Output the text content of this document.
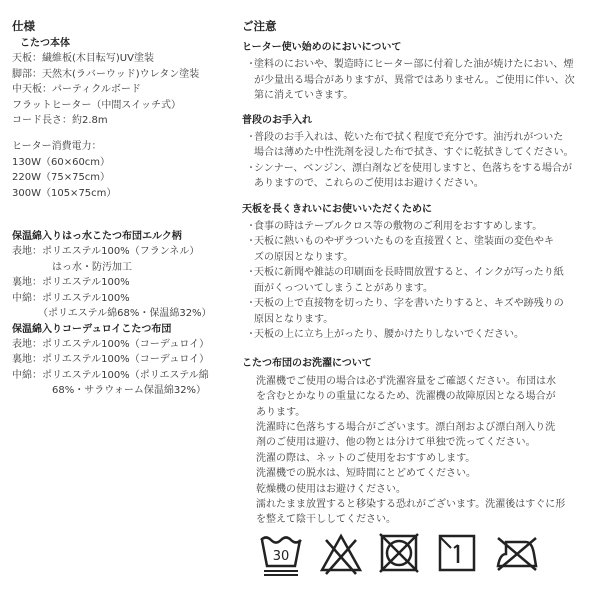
仕様

こたつ本体

天板：繊維板(木目転写)UV塗装

脚部：天然木(ラバーウッド)ウレタン塗装

中天板：パーティクルボード

フラットヒーター（中間スイッチ式）

コード長さ：約2.8m

ヒーター消費電力：

130W（60×60cm）

220W（75×75cm）

300W（105×75cm）

保温綿入りはっ水こたつ布団エルク柄

表地：ポリエステル100%（フランネル）

はっ水・防汚加工

裏地：ポリエステル100%

中綿：ポリエステル100%

（ポリエステル綿68%・保温綿32%）

保温綿入りコーデュロイこたつ布団

表地：ポリエステル100%（コーデュロイ）

裏地：ポリエステル100%（コーデュロイ）

中綿：ポリエステル100%（ポリエステル綿

68%・サラウォーム保温綿32%）

ご注意

ヒーター使い始めのにおいについて

・ 塗料のにおいや、製造時にヒーター部に付着した油が焼けたにおい、煙
が少量出る場合がありますが、異常ではありません。ご使用に伴い、次
第に消えていきます。

普段のお手入れ

・ 普段のお手入れは、乾いた布で拭く程度で充分です。油汚れがついた
場合は薄めた中性洗剤を浸した布で拭き、すぐに乾拭きしてください。

・ シンナー、ベンジン、漂白剤などを使用しますと、色落ちをする場合が
ありますので、これらのご使用はお避けください。

天板を長くきれいにお使いいただくために

・ 食事の時はテーブルクロス等の敷物のご利用をおすすめします。

・ 天板に熱いものやザラついたものを直接置くと、塗装面の変色やキ
ズの原因となります。

・ 天板に新聞や雑誌の印刷面を長時間放置すると、インクが写ったり紙
面がくっついてしまうことがあります。

・ 天板の上で直接物を切ったり、字を書いたりすると、キズや跡残りの
原因となります。

・ 天板の上に立ち上がったり、腰かけたりしないでください。

こたつ布団のお洗濯について

洗濯機でご使用の場合は必ず洗濯容量をご確認ください。布団は水

を含むとかなりの重量になるため、洗濯機の故障原因となる場合が

あります。

洗濯時に色落ちする場合がございます。漂白剤および漂白剤入り洗

剤のご使用は避け、他の物とは分けて単独で洗ってください。

洗濯の際は、ネットのご使用をおすすめします。

洗濯機での脱水は、短時間にとどめてください。

乾燥機の使用はお避けください。

濡れたまま放置すると移染する恐れがございます。洗濯後はすぐに形

を整えて陰干ししてください。

30
